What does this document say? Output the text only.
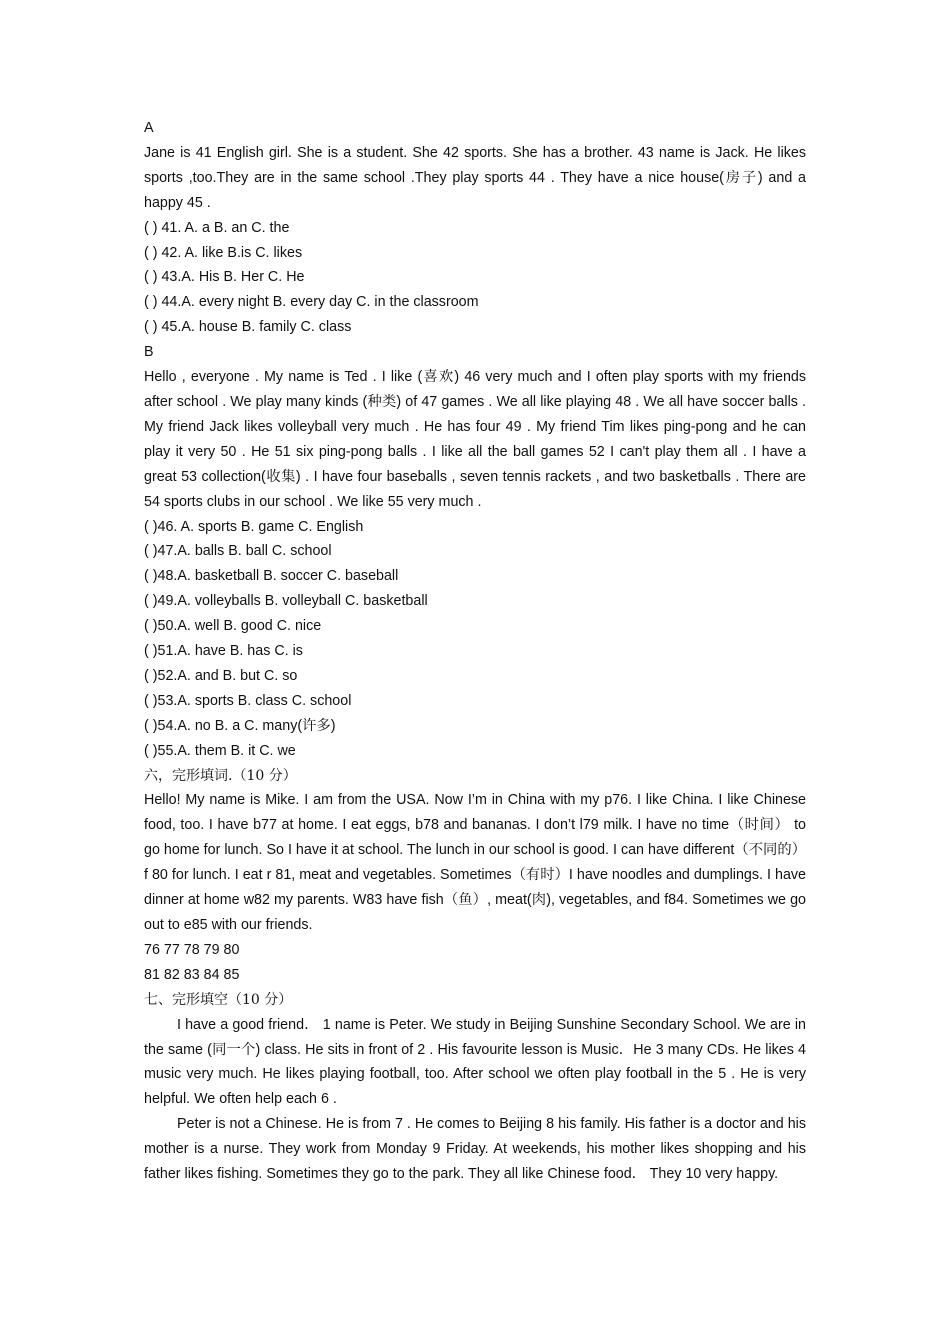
A
Jane is 41 English girl. She is a student. She 42 sports. She has a brother. 43 name is Jack. He likes sports ,too.They are in the same school .They play sports 44 . They have a nice house(房子) and a happy 45 .
( ) 41. A. a B. an C. the
( ) 42. A. like B.is C. likes
( ) 43.A. His B. Her C. He
( ) 44.A. every night B. every day C. in the classroom
( ) 45.A. house B. family C. class
B
Hello , everyone . My name is Ted . I like (喜欢) 46 very much and I often play sports with my friends after school . We play many kinds (种类) of 47 games . We all like playing 48 . We all have soccer balls . My friend Jack likes volleyball very much . He has four 49 . My friend Tim likes ping-pong and he can play it very 50 . He 51 six ping-pong balls . I like all the ball games 52 I can't play them all . I have a great 53 collection(收集) . I have four baseballs , seven tennis rackets , and two basketballs . There are 54 sports clubs in our school . We like 55 very much .
( )46. A. sports B. game C. English
( )47.A. balls B. ball C. school
( )48.A. basketball B. soccer C. baseball
( )49.A. volleyballs B. volleyball C. basketball
( )50.A. well B. good C. nice
( )51.A. have B. has C. is
( )52.A. and B. but C. so
( )53.A. sports B. class C. school
( )54.A. no B. a C. many(许多)
( )55.A. them B. it C. we
六，完形填词.（10 分）
Hello! My name is Mike. I am from the USA. Now I’m in China with my p76. I like China. I like Chinese food, too. I have b77 at home. I eat eggs, b78 and bananas. I don’t l79 milk. I have no time（时间） to go home for lunch. So I have it at school. The lunch in our school is good. I can have different（不同的）f 80 for lunch. I eat r 81, meat and vegetables. Sometimes（有时）I have noodles and dumplings. I have dinner at home w82 my parents. W83 have fish（鱼）, meat(肉), vegetables, and f84. Sometimes we go out to e85 with our friends.
76 77 78 79 80
81 82 83 84 85
七、完形填空（10 分）
I have a good friend． 1 name is Peter. We study in Beijing Sunshine Secondary School. We are in the same (同一个) class. He sits in front of 2 . His favourite lesson is Music．He 3 many CDs. He likes 4 music very much. He likes playing football, too. After school we often play football in the 5 . He is very helpful. We often help each 6 .
Peter is not a Chinese. He is from 7 . He comes to Beijing 8 his family. His father is a doctor and his mother is a nurse. They work from Monday 9 Friday. At weekends, his mother likes shopping and his father likes fishing. Sometimes they go to the park. They all like Chinese food． They 10 very happy.
